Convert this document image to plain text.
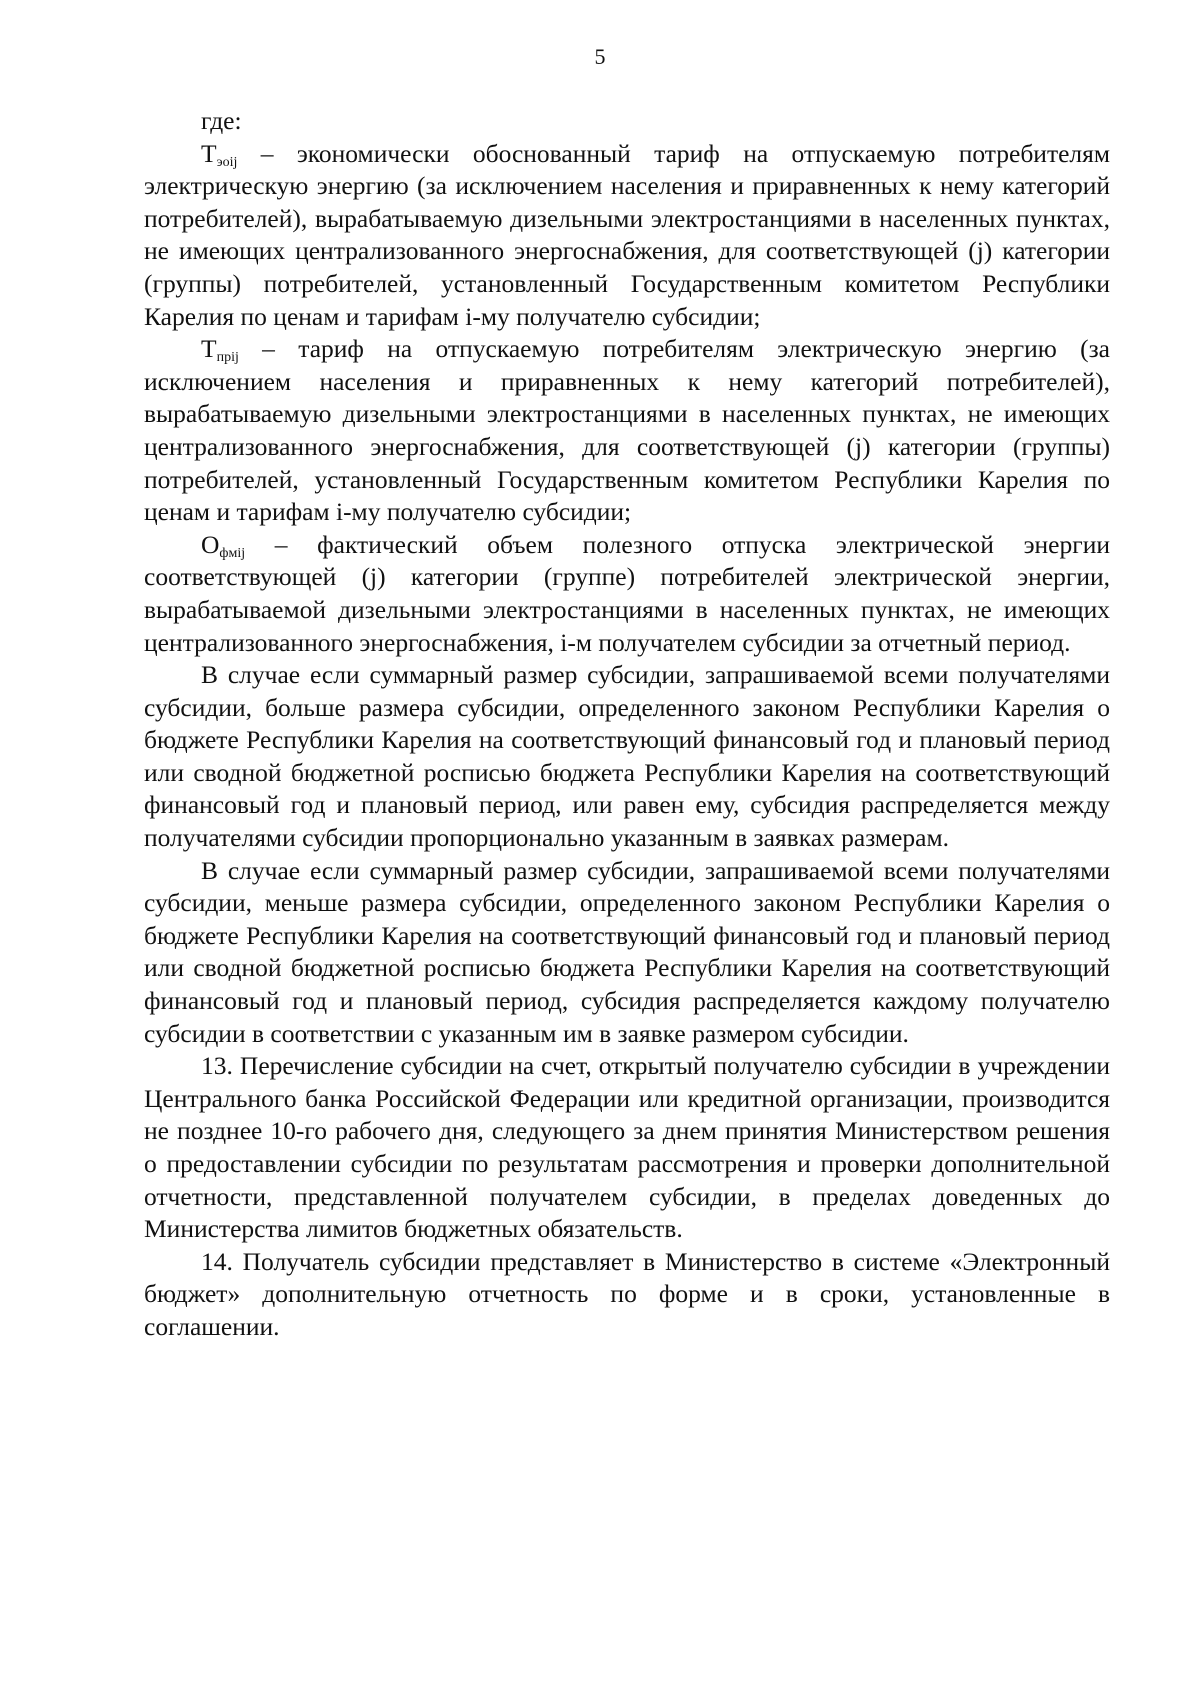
5

где:

$Т_{эоij}$ – экономически обоснованный тариф на отпускаемую потребителям электрическую энергию (за исключением населения и приравненных к нему категорий потребителей), вырабатываемую дизельными электростанциями в населенных пунктах, не имеющих централизованного энергоснабжения, для соответствующей (j) категории (группы) потребителей, установленный Государственным комитетом Республики Карелия по ценам и тарифам i-му получателю субсидии;

$Т_{прij}$ – тариф на отпускаемую потребителям электрическую энергию (за исключением населения и приравненных к нему категорий потребителей), вырабатываемую дизельными электростанциями в населенных пунктах, не имеющих централизованного энергоснабжения, для соответствующей (j) категории (группы) потребителей, установленный Государственным комитетом Республики Карелия по ценам и тарифам i-му получателю субсидии;

$О_{фмij}$ – фактический объем полезного отпуска электрической энергии соответствующей (j) категории (группе) потребителей электрической энергии, вырабатываемой дизельными электростанциями в населенных пунктах, не имеющих централизованного энергоснабжения, i-м получателем субсидии за отчетный период.

В случае если суммарный размер субсидии, запрашиваемой всеми получателями субсидии, больше размера субсидии, определенного законом Республики Карелия о бюджете Республики Карелия на соответствующий финансовый год и плановый период или сводной бюджетной росписью бюджета Республики Карелия на соответствующий финансовый год и плановый период, или равен ему, субсидия распределяется между получателями субсидии пропорционально указанным в заявках размерам.

В случае если суммарный размер субсидии, запрашиваемой всеми получателями субсидии, меньше размера субсидии, определенного законом Республики Карелия о бюджете Республики Карелия на соответствующий финансовый год и плановый период или сводной бюджетной росписью бюджета Республики Карелия на соответствующий финансовый год и плановый период, субсидия распределяется каждому получателю субсидии в соответствии с указанным им в заявке размером субсидии.

13. Перечисление субсидии на счет, открытый получателю субсидии в учреждении Центрального банка Российской Федерации или кредитной организации, производится не позднее 10-го рабочего дня, следующего за днем принятия Министерством решения о предоставлении субсидии по результатам рассмотрения и проверки дополнительной отчетности, представленной получателем субсидии, в пределах доведенных до Министерства лимитов бюджетных обязательств.

14. Получатель субсидии представляет в Министерство в системе «Электронный бюджет» дополнительную отчетность по форме и в сроки, установленные в соглашении.
